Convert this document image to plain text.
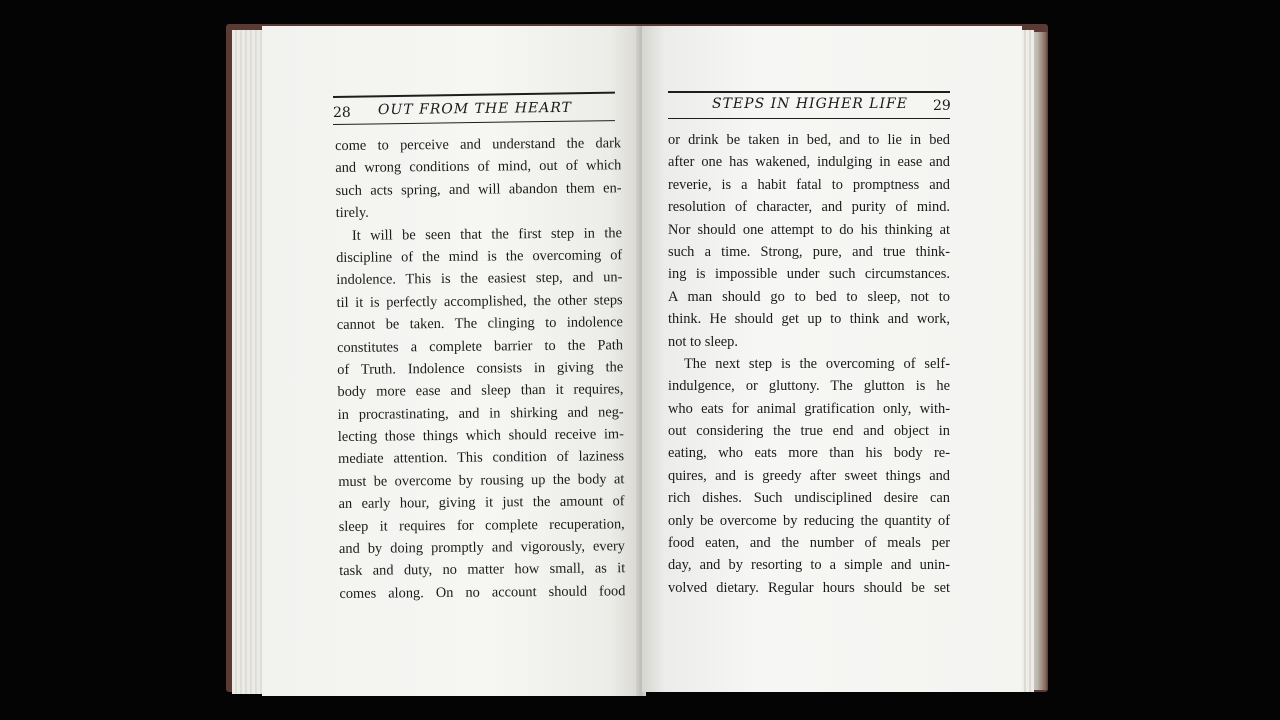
28 OUT FROM THE HEART
come to perceive and understand the dark
and wrong conditions of mind, out of which
such acts spring, and will abandon them en-
tirely.
It will be seen that the first step in the
discipline of the mind is the overcoming of
indolence. This is the easiest step, and un-
til it is perfectly accomplished, the other steps
cannot be taken. The clinging to indolence
constitutes a complete barrier to the Path
of Truth. Indolence consists in giving the
body more ease and sleep than it requires,
in procrastinating, and in shirking and neg-
lecting those things which should receive im-
mediate attention. This condition of laziness
must be overcome by rousing up the body at
an early hour, giving it just the amount of
sleep it requires for complete recuperation,
and by doing promptly and vigorously, every
task and duty, no matter how small, as it
comes along. On no account should food
STEPS IN HIGHER LIFE 29
or drink be taken in bed, and to lie in bed
after one has wakened, indulging in ease and
reverie, is a habit fatal to promptness and
resolution of character, and purity of mind.
Nor should one attempt to do his thinking at
such a time. Strong, pure, and true think-
ing is impossible under such circumstances.
A man should go to bed to sleep, not to
think. He should get up to think and work,
not to sleep.
The next step is the overcoming of self-
indulgence, or gluttony. The glutton is he
who eats for animal gratification only, with-
out considering the true end and object in
eating, who eats more than his body re-
quires, and is greedy after sweet things and
rich dishes. Such undisciplined desire can
only be overcome by reducing the quantity of
food eaten, and the number of meals per
day, and by resorting to a simple and unin-
volved dietary. Regular hours should be set
